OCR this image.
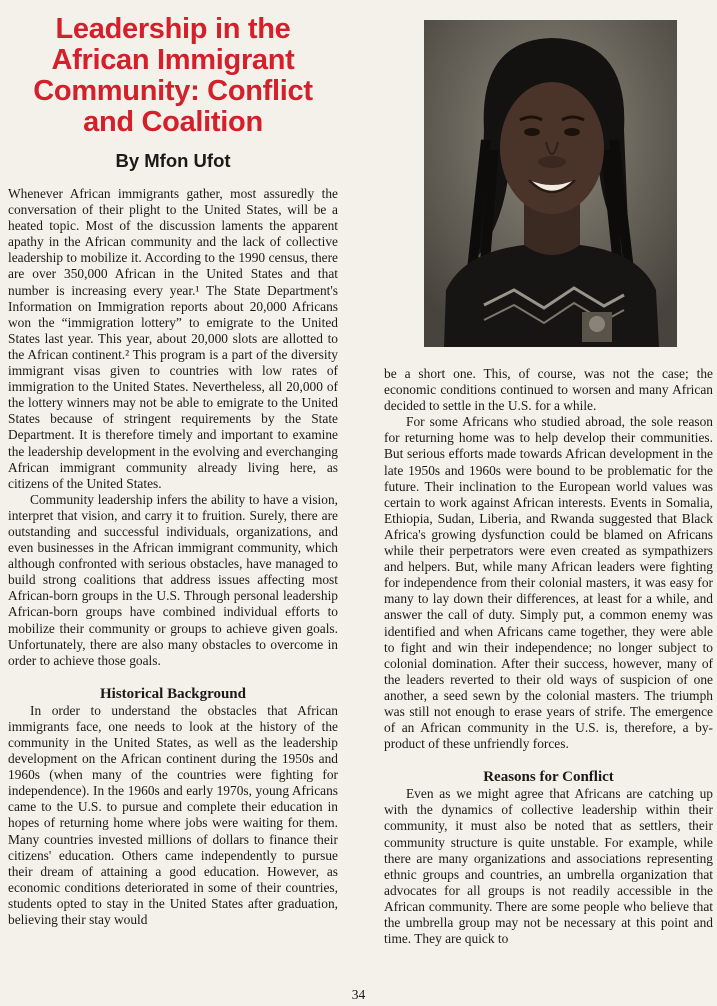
Leadership in the African Immigrant Community: Conflict and Coalition
By Mfon Ufot

Whenever African immigrants gather, most assuredly the conversation of their plight to the United States, will be a heated topic. Most of the discussion laments the apparent apathy in the African community and the lack of collective leadership to mobilize it. According to the 1990 census, there are over 350,000 African in the United States and that number is increasing every year.¹ The State Department's Information on Immigration reports about 20,000 Africans won the “immigration lottery” to emigrate to the United States last year. This year, about 20,000 slots are allotted to the African continent.² This program is a part of the diversity immigrant visas given to countries with low rates of immigration to the United States. Nevertheless, all 20,000 of the lottery winners may not be able to emigrate to the United States because of stringent requirements by the State Department. It is therefore timely and important to examine the leadership development in the evolving and everchanging African immigrant community already living here, as citizens of the United States.

Community leadership infers the ability to have a vision, interpret that vision, and carry it to fruition. Surely, there are outstanding and successful individuals, organizations, and even businesses in the African immigrant community, which although confronted with serious obstacles, have managed to build strong coalitions that address issues affecting most African-born groups in the U.S. Through personal leadership African-born groups have combined individual efforts to mobilize their community or groups to achieve given goals. Unfortunately, there are also many obstacles to overcome in order to achieve those goals.

Historical Background

In order to understand the obstacles that African immigrants face, one needs to look at the history of the community in the United States, as well as the leadership development on the African continent during the 1950s and 1960s (when many of the countries were fighting for independence). In the 1960s and early 1970s, young Africans came to the U.S. to pursue and complete their education in hopes of returning home where jobs were waiting for them. Many countries invested millions of dollars to finance their citizens' education. Others came independently to pursue their dream of attaining a good education. However, as economic conditions deteriorated in some of their countries, students opted to stay in the United States after graduation, believing their stay would

be a short one. This, of course, was not the case; the economic conditions continued to worsen and many African decided to settle in the U.S. for a while.

For some Africans who studied abroad, the sole reason for returning home was to help develop their communities. But serious efforts made towards African development in the late 1950s and 1960s were bound to be problematic for the future. Their inclination to the European world values was certain to work against African interests. Events in Somalia, Ethiopia, Sudan, Liberia, and Rwanda suggested that Black Africa's growing dysfunction could be blamed on Africans while their perpetrators were even created as sympathizers and helpers. But, while many African leaders were fighting for independence from their colonial masters, it was easy for many to lay down their differences, at least for a while, and answer the call of duty. Simply put, a common enemy was identified and when Africans came together, they were able to fight and win their independence; no longer subject to colonial domination. After their success, however, many of the leaders reverted to their old ways of suspicion of one another, a seed sewn by the colonial masters. The triumph was still not enough to erase years of strife. The emergence of an African community in the U.S. is, therefore, a by-product of these unfriendly forces.

Reasons for Conflict

Even as we might agree that Africans are catching up with the dynamics of collective leadership within their community, it must also be noted that as settlers, their community structure is quite unstable. For example, while there are many organizations and associations representing ethnic groups and countries, an umbrella organization that advocates for all groups is not readily accessible in the African community. There are some people who believe that the umbrella group may not be necessary at this point and time. They are quick to

34
